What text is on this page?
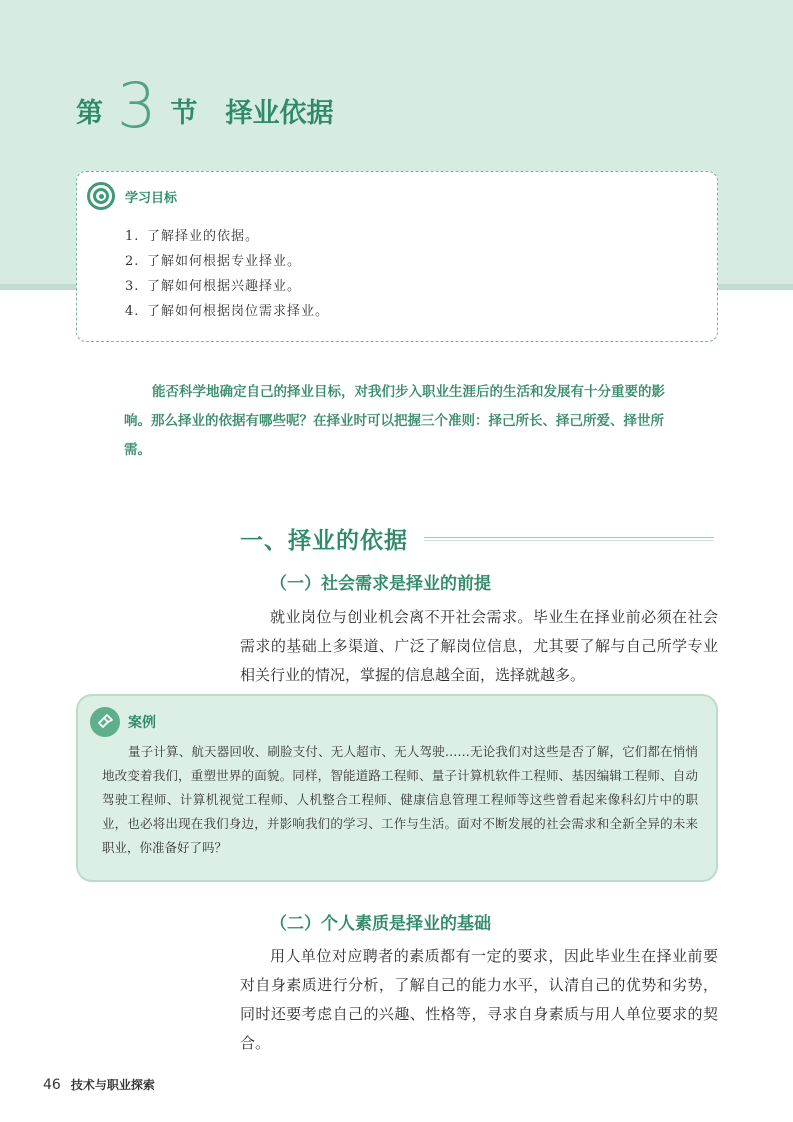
第 3 节 择业依据
学习目标
1. 了解择业的依据。
2. 了解如何根据专业择业。
3. 了解如何根据兴趣择业。
4. 了解如何根据岗位需求择业。

能否科学地确定自己的择业目标，对我们步入职业生涯后的生活和发展有十分重要的影响。那么择业的依据有哪些呢？在择业时可以把握三个准则：择己所长、择己所爱、择世所需。

一、择业的依据
（一）社会需求是择业的前提

就业岗位与创业机会离不开社会需求。毕业生在择业前必须在社会需求的基础上多渠道、广泛了解岗位信息，尤其要了解与自己所学专业相关行业的情况，掌握的信息越全面，选择就越多。

案例

量子计算、航天器回收、刷脸支付、无人超市、无人驾驶……无论我们对这些是否了解，它们都在悄悄地改变着我们，重塑世界的面貌。同样，智能道路工程师、量子计算机软件工程师、基因编辑工程师、自动驾驶工程师、计算机视觉工程师、人机整合工程师、健康信息管理工程师等这些曾看起来像科幻片中的职业，也必将出现在我们身边，并影响我们的学习、工作与生活。面对不断发展的社会需求和全新全异的未来职业，你准备好了吗？

（二）个人素质是择业的基础

用人单位对应聘者的素质都有一定的要求，因此毕业生在择业前要对自身素质进行分析，了解自己的能力水平，认清自己的优势和劣势，同时还要考虑自己的兴趣、性格等，寻求自身素质与用人单位要求的契合。

46 技术与职业探索
